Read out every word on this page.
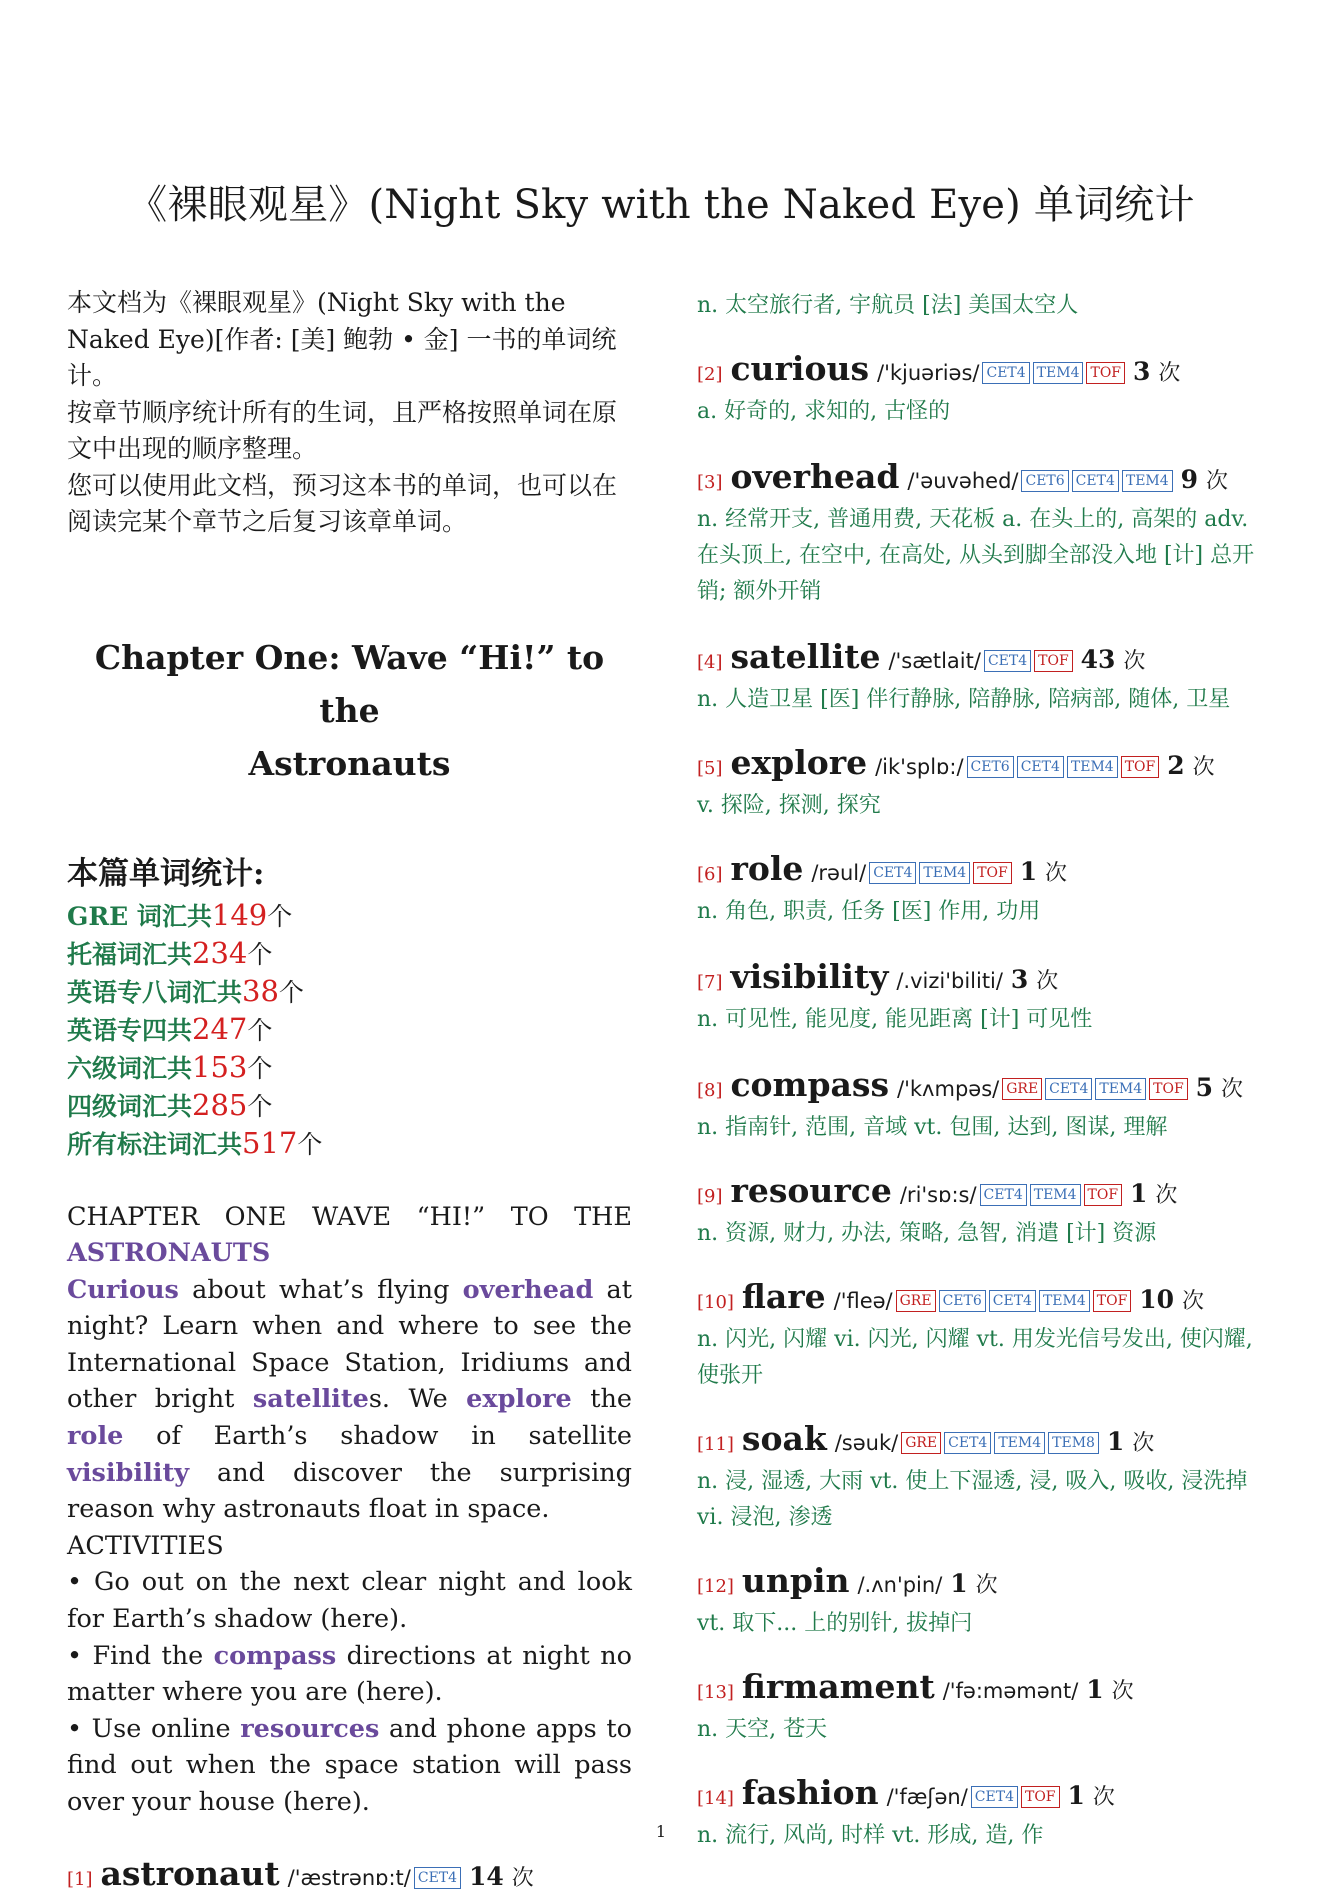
《裸眼观星》(Night Sky with the Naked Eye) 单词统计

本文档为《裸眼观星》(Night Sky with the Naked Eye)[作者: [美] 鲍勃 • 金] 一书的单词统计。

按章节顺序统计所有的生词，且严格按照单词在原文中出现的顺序整理。

您可以使用此文档，预习这本书的单词，也可以在阅读完某个章节之后复习该章单词。

Chapter One: Wave “Hi!” to the
Astronauts
本篇单词统计:
GRE 词汇共149个
托福词汇共234个
英语专八词汇共38个
英语专四共247个
六级词汇共153个
四级词汇共285个
所有标注词汇共517个

CHAPTER ONE WAVE “HI!” TO THE ASTRONAUTS

Curious about what’s flying overhead at night? Learn when and where to see the International Space Station, Iridiums and other bright satellites. We explore the role of Earth’s shadow in satellite visibility and discover the surprising reason why astronauts float in space.

ACTIVITIES

• Go out on the next clear night and look for Earth’s shadow (here).

• Find the compass directions at night no matter where you are (here).

• Use online resources and phone apps to find out when the space station will pass over your house (here).

[1] astronaut /'æstrənɒ:t/ CET4 14 次
n. 太空旅行者, 宇航员 [法] 美国太空人
[2] curious /'kjuəriəs/ CET4 TEM4 TOF 3 次
a. 好奇的, 求知的, 古怪的
[3] overhead /'əuvəhed/ CET6 CET4 TEM4 9 次
n. 经常开支, 普通用费, 天花板 a. 在头上的, 高架的 adv. 在头顶上, 在空中, 在高处, 从头到脚全部没入地 [计] 总开销; 额外开销
[4] satellite /'sætlait/ CET4 TOF 43 次
n. 人造卫星 [医] 伴行静脉, 陪静脉, 陪病部, 随体, 卫星
[5] explore /ik'splɒ:/ CET6 CET4 TEM4 TOF 2 次
v. 探险, 探测, 探究
[6] role /rəul/ CET4 TEM4 TOF 1 次
n. 角色, 职责, 任务 [医] 作用, 功用
[7] visibility /.vizi'biliti/ 3 次
n. 可见性, 能见度, 能见距离 [计] 可见性
[8] compass /'kʌmpəs/ GRE CET4 TEM4 TOF 5 次
n. 指南针, 范围, 音域 vt. 包围, 达到, 图谋, 理解
[9] resource /ri'sɒ:s/ CET4 TEM4 TOF 1 次
n. 资源, 财力, 办法, 策略, 急智, 消遣 [计] 资源
[10] flare /'fleə/ GRE CET6 CET4 TEM4 TOF 10 次
n. 闪光, 闪耀 vi. 闪光, 闪耀 vt. 用发光信号发出, 使闪耀, 使张开
[11] soak /səuk/ GRE CET4 TEM4 TEM8 1 次
n. 浸, 湿透, 大雨 vt. 使上下湿透, 浸, 吸入, 吸收, 浸洗掉 vi. 浸泡, 渗透
[12] unpin /.ʌn'pin/ 1 次
vt. 取下... 上的别针, 拔掉闩
[13] firmament /'fə:məmənt/ 1 次
n. 天空, 苍天
[14] fashion /'fæʃən/ CET4 TOF 1 次
n. 流行, 风尚, 时样 vt. 形成, 造, 作
1
